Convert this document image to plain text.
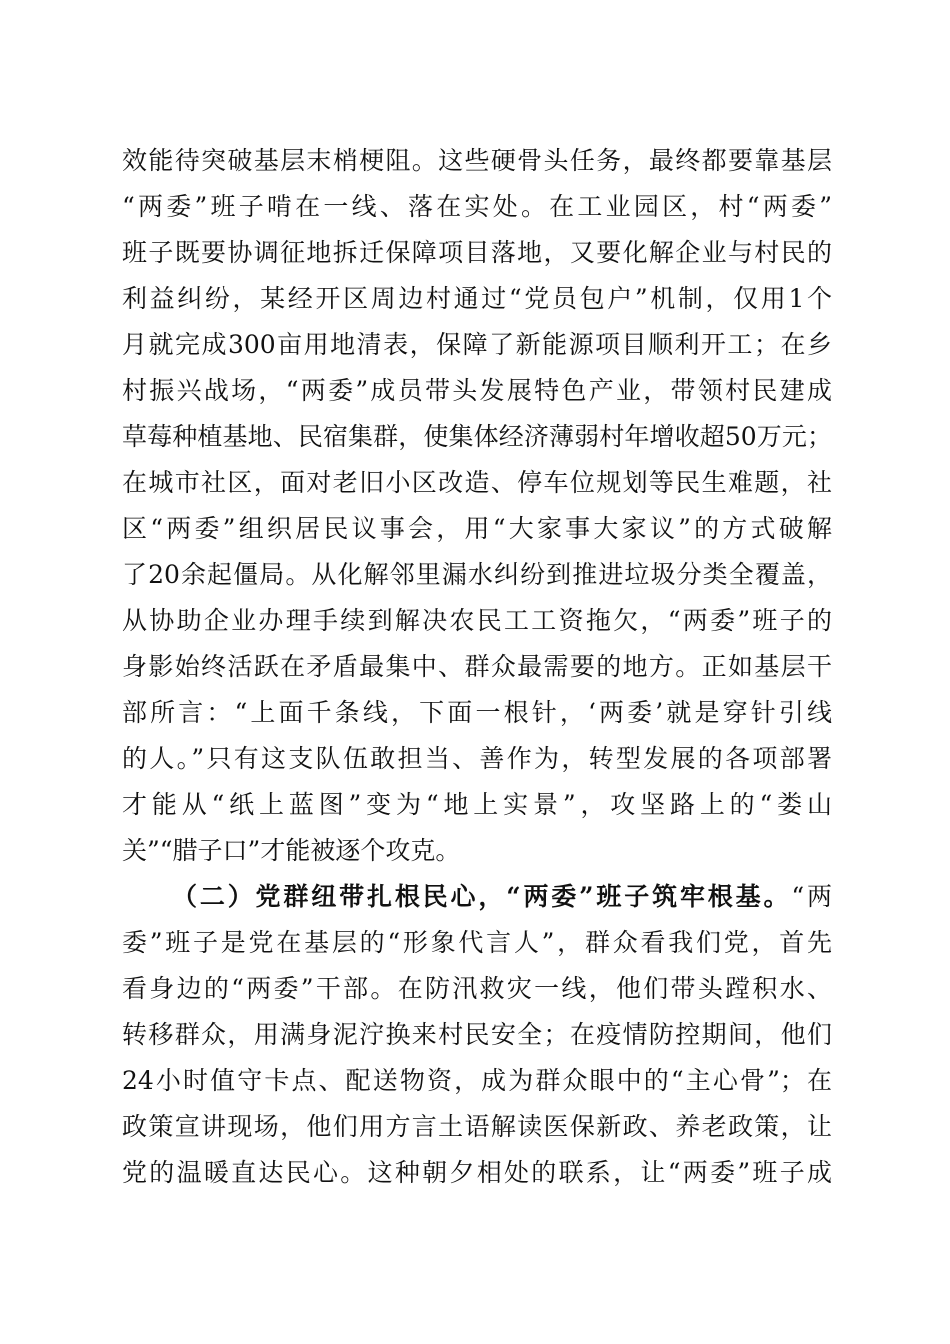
效能待突破基层末梢梗阻。这些硬骨头任务，最终都要靠基层
“两委”班子啃在一线、落在实处。在工业园区，村“两委”
班子既要协调征地拆迁保障项目落地，又要化解企业与村民的
利益纠纷，某经开区周边村通过“党员包户”机制，仅用1个
月就完成300亩用地清表，保障了新能源项目顺利开工；在乡
村振兴战场，“两委”成员带头发展特色产业，带领村民建成
草莓种植基地、民宿集群，使集体经济薄弱村年增收超50万元；
在城市社区，面对老旧小区改造、停车位规划等民生难题，社
区“两委”组织居民议事会，用“大家事大家议”的方式破解
了20余起僵局。从化解邻里漏水纠纷到推进垃圾分类全覆盖，
从协助企业办理手续到解决农民工工资拖欠，“两委”班子的
身影始终活跃在矛盾最集中、群众最需要的地方。正如基层干
部所言：“上面千条线，下面一根针，‘两委’就是穿针引线
的人。”只有这支队伍敢担当、善作为，转型发展的各项部署
才能从“纸上蓝图”变为“地上实景”，攻坚路上的“娄山
关”“腊子口”才能被逐个攻克。
（二）党群纽带扎根民心，“两委”班子筑牢根基。“两
委”班子是党在基层的“形象代言人”，群众看我们党，首先
看身边的“两委”干部。在防汛救灾一线，他们带头蹚积水、
转移群众，用满身泥泞换来村民安全；在疫情防控期间，他们
24小时值守卡点、配送物资，成为群众眼中的“主心骨”；在
政策宣讲现场，他们用方言土语解读医保新政、养老政策，让
党的温暖直达民心。这种朝夕相处的联系，让“两委”班子成
